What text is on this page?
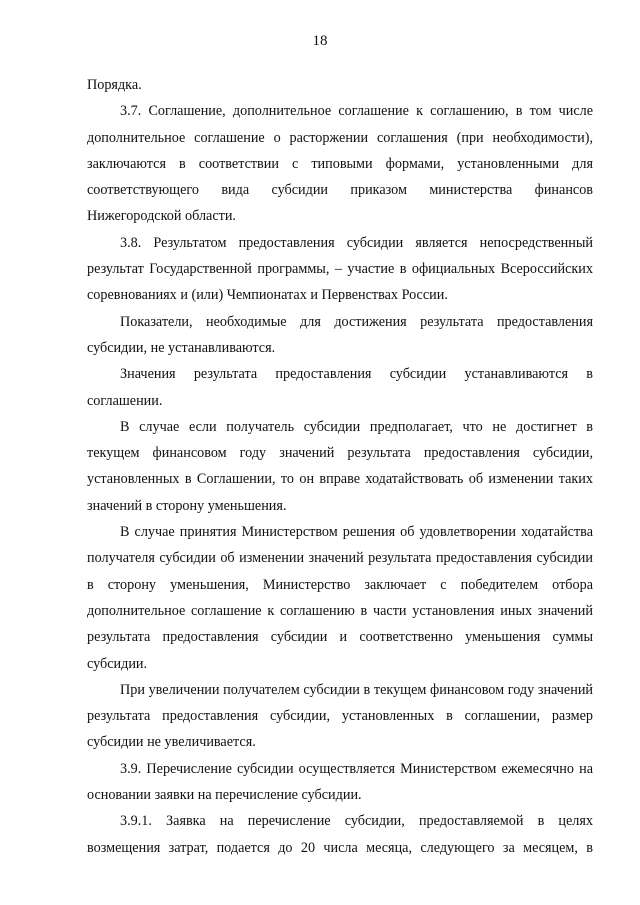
18

Порядка.

3.7. Соглашение, дополнительное соглашение к соглашению, в том числе дополнительное соглашение о расторжении соглашения (при необходимости), заключаются в соответствии с типовыми формами, установленными для соответствующего вида субсидии приказом министерства финансов Нижегородской области.

3.8. Результатом предоставления субсидии является непосредственный результат Государственной программы, – участие в официальных Всероссийских соревнованиях и (или) Чемпионатах и Первенствах России.

Показатели, необходимые для достижения результата предоставления субсидии, не устанавливаются.

Значения результата предоставления субсидии устанавливаются в соглашении.

В случае если получатель субсидии предполагает, что не достигнет в текущем финансовом году значений результата предоставления субсидии, установленных в Соглашении, то он вправе ходатайствовать об изменении таких значений в сторону уменьшения.

В случае принятия Министерством решения об удовлетворении ходатайства получателя субсидии об изменении значений результата предоставления субсидии в сторону уменьшения, Министерство заключает с победителем отбора дополнительное соглашение к соглашению в части установления иных значений результата предоставления субсидии и соответственно уменьшения суммы субсидии.

При увеличении получателем субсидии в текущем финансовом году значений результата предоставления субсидии, установленных в соглашении, размер субсидии не увеличивается.

3.9. Перечисление субсидии осуществляется Министерством ежемесячно на основании заявки на перечисление субсидии.

3.9.1. Заявка на перечисление субсидии, предоставляемой в целях возмещения затрат, подается до 20 числа месяца, следующего за месяцем, в
